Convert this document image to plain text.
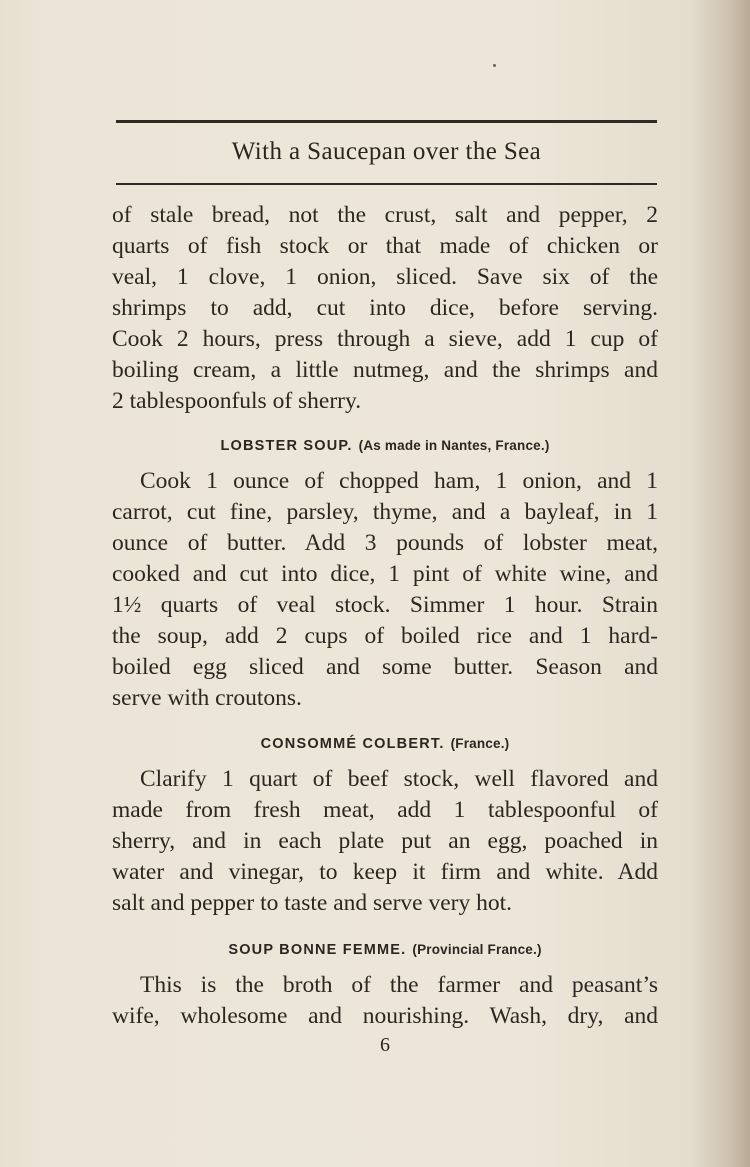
With a Saucepan over the Sea
of stale bread, not the crust, salt and pepper, 2
quarts of fish stock or that made of chicken or
veal, 1 clove, 1 onion, sliced. Save six of the
shrimps to add, cut into dice, before serving.
Cook 2 hours, press through a sieve, add 1 cup of
boiling cream, a little nutmeg, and the shrimps and
2 tablespoonfuls of sherry.
LOBSTER SOUP. (As made in Nantes, France.)
Cook 1 ounce of chopped ham, 1 onion, and 1
carrot, cut fine, parsley, thyme, and a bayleaf, in 1
ounce of butter. Add 3 pounds of lobster meat,
cooked and cut into dice, 1 pint of white wine, and
1½ quarts of veal stock. Simmer 1 hour. Strain
the soup, add 2 cups of boiled rice and 1 hard-
boiled egg sliced and some butter. Season and
serve with croutons.
CONSOMMÉ COLBERT. (France.)
Clarify 1 quart of beef stock, well flavored and
made from fresh meat, add 1 tablespoonful of
sherry, and in each plate put an egg, poached in
water and vinegar, to keep it firm and white. Add
salt and pepper to taste and serve very hot.
SOUP BONNE FEMME. (Provincial France.)
This is the broth of the farmer and peasant’s
wife, wholesome and nourishing. Wash, dry, and
6
